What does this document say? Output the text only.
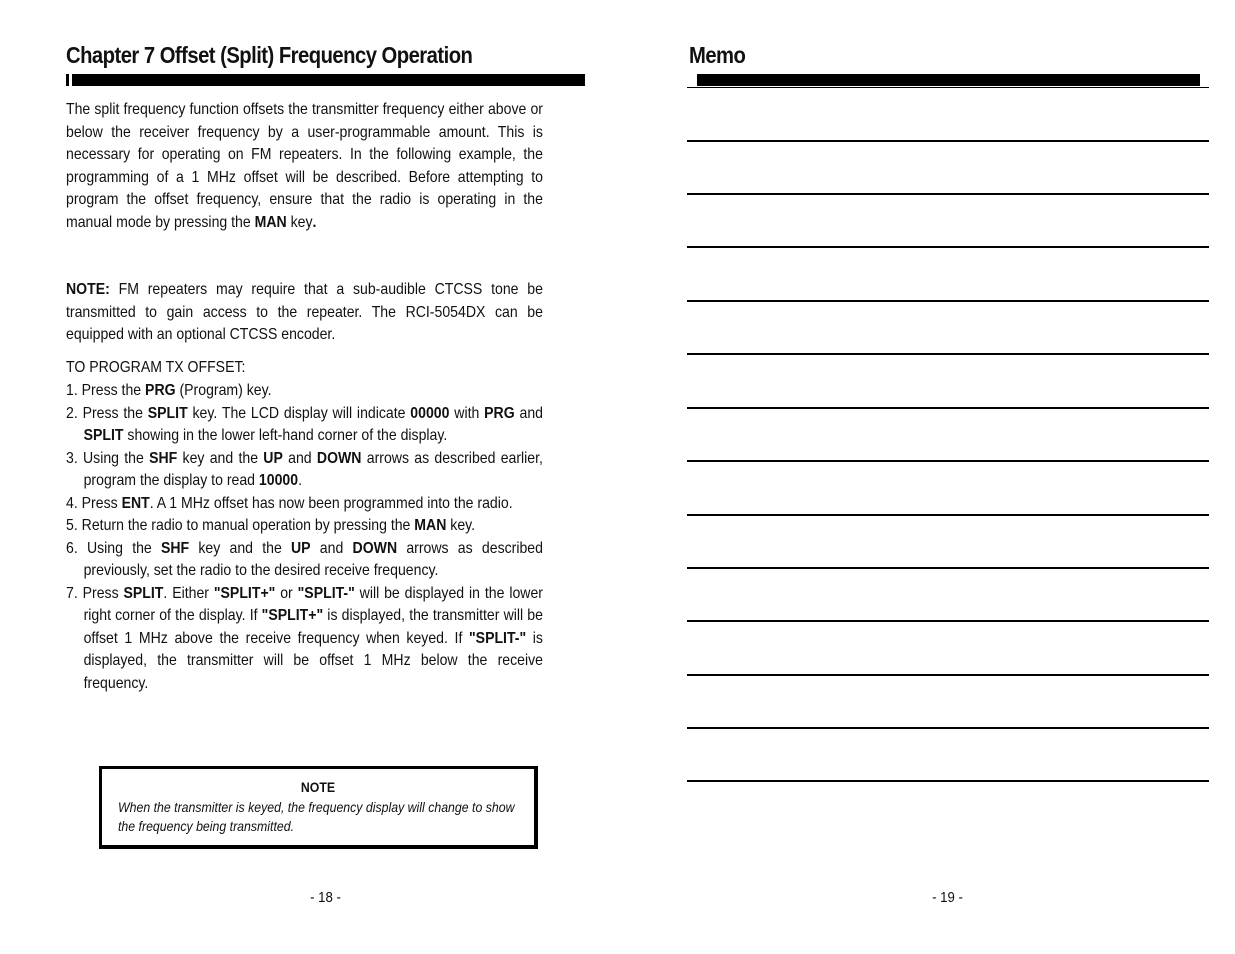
Chapter 7 Offset (Split) Frequency Operation
The split frequency function offsets the transmitter frequency either above or below the receiver frequency by a user-programmable amount. This is necessary for operating on FM repeaters. In the following example, the programming of a 1 MHz offset will be described. Before attempting to program the offset frequency, ensure that the radio is operating in the manual mode by pressing the MAN key.
NOTE: FM repeaters may require that a sub-audible CTCSS tone be transmitted to gain access to the repeater. The RCI-5054DX can be equipped with an optional CTCSS encoder.
TO PROGRAM TX OFFSET:
1. Press the PRG (Program) key.
2. Press the SPLIT key. The LCD display will indicate 00000 with PRG and SPLIT showing in the lower left-hand corner of the display.
3. Using the SHF key and the UP and DOWN arrows as described earlier, program the display to read 10000.
4. Press ENT. A 1 MHz offset has now been programmed into the radio.
5. Return the radio to manual operation by pressing the MAN key.
6. Using the SHF key and the UP and DOWN arrows as described previously, set the radio to the desired receive frequency.
7. Press SPLIT. Either "SPLIT+" or "SPLIT-" will be displayed in the lower right corner of the display. If "SPLIT+" is displayed, the transmitter will be offset 1 MHz above the receive frequency when keyed. If "SPLIT-" is displayed, the transmitter will be offset 1 MHz below the receive frequency.
NOTE
When the transmitter is keyed, the frequency display will change to show the frequency being transmitted.
- 18 -
Memo
- 19 -
